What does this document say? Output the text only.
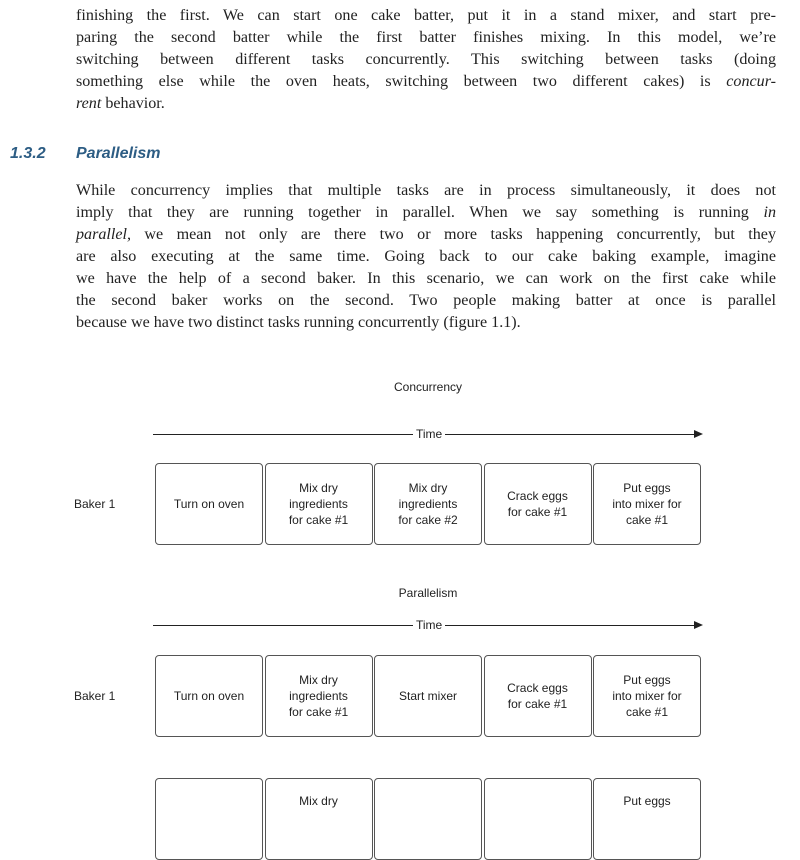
finishing the first. We can start one cake batter, put it in a stand mixer, and start pre-
paring the second batter while the first batter finishes mixing. In this model, we’re
switching between different tasks concurrently. This switching between tasks (doing
something else while the oven heats, switching between two different cakes) is concur-
rent behavior.
1.3.2 Parallelism
While concurrency implies that multiple tasks are in process simultaneously, it does not
imply that they are running together in parallel. When we say something is running in
parallel, we mean not only are there two or more tasks happening concurrently, but they
are also executing at the same time. Going back to our cake baking example, imagine
we have the help of a second baker. In this scenario, we can work on the first cake while
the second baker works on the second. Two people making batter at once is parallel
because we have two distinct tasks running concurrently (figure 1.1).
Concurrency
Time
Baker 1	Turn on oven
Mix dry
ingredients
for cake #1
Mix dry
ingredients
for cake #2
Crack eggs
for cake #1
Put eggs
into mixer for
cake #1
Parallelism
Time
Baker 1	Turn on oven
Mix dry
ingredients
for cake #1
Start mixer
Crack eggs
for cake #1
Put eggs
into mixer for
cake #1
Mix dry	Put eggs
